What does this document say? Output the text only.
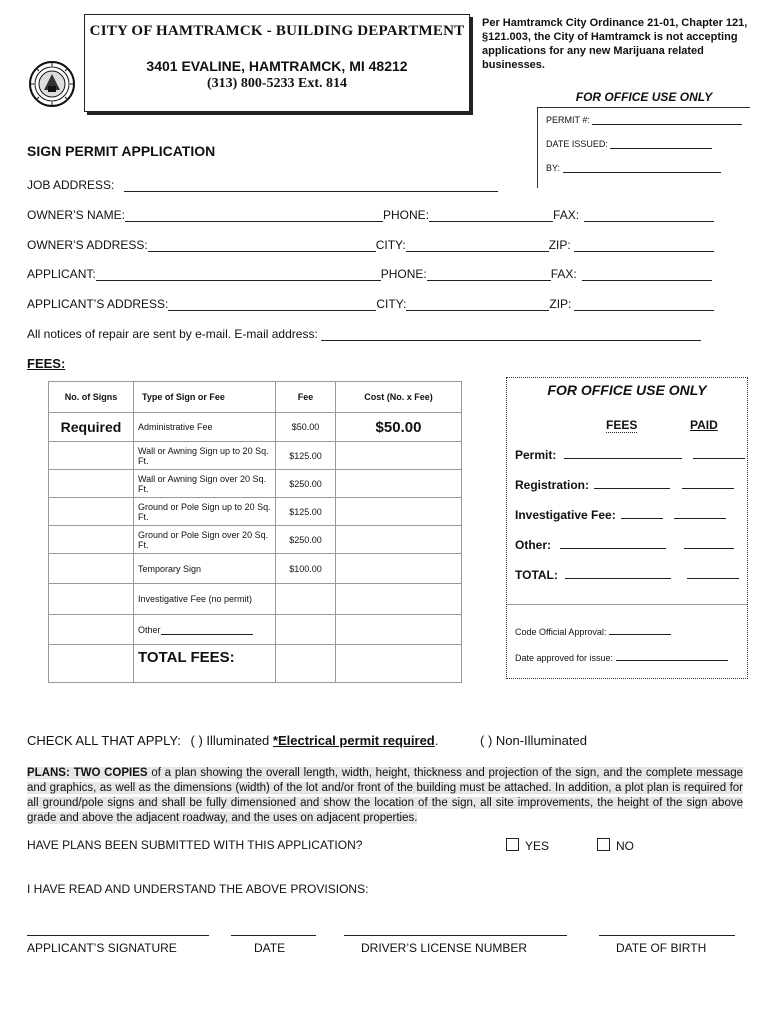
CITY OF HAMTRAMCK - BUILDING DEPARTMENT
3401 EVALINE, HAMTRAMCK, MI 48212
(313) 800-5233 Ext. 814
Per Hamtramck City Ordinance 21-01, Chapter 121, §121.003, the City of Hamtramck is not accepting applications for any new Marijuana related businesses.
FOR OFFICE USE ONLY
PERMIT #:
DATE ISSUED:
BY:
SIGN PERMIT APPLICATION
JOB ADDRESS:
OWNER’S NAME:	PHONE:	FAX:
OWNER’S ADDRESS:	CITY:	ZIP:
APPLICANT:	PHONE:	FAX:
APPLICANT’S ADDRESS:	CITY:	ZIP:
All notices of repair are sent by e-mail. E-mail address:
FEES:
No. of Signs	Type of Sign or Fee	Fee	Cost (No. x Fee)
Required	Administrative Fee	$50.00	$50.00
	Wall or Awning Sign up to 20 Sq. Ft.	$125.00	
	Wall or Awning Sign over 20 Sq. Ft.	$250.00	
	Ground or Pole Sign up to 20 Sq. Ft.	$125.00	
	Ground or Pole Sign over 20 Sq. Ft.	$250.00	
	Temporary Sign	$100.00	
	Investigative Fee (no permit)		
	Other		
	TOTAL FEES:		
FOR OFFICE USE ONLY
FEES	PAID
Permit:
Registration:
Investigative Fee:
Other:
TOTAL:
Code Official Approval:
Date approved for issue:
CHECK ALL THAT APPLY: ( ) Illuminated *Electrical permit required.	( ) Non-Illuminated
PLANS: TWO COPIES of a plan showing the overall length, width, height, thickness and projection of the sign, and the complete message and graphics, as well as the dimensions (width) of the lot and/or front of the building must be attached. In addition, a plot plan is required for all ground/pole signs and shall be fully dimensioned and show the location of the sign, all site improvements, the height of the sign above grade and above the adjacent roadway, and the uses on adjacent properties.
HAVE PLANS BEEN SUBMITTED WITH THIS APPLICATION?	YES	NO
I HAVE READ AND UNDERSTAND THE ABOVE PROVISIONS:
APPLICANT’S SIGNATURE	DATE	DRIVER’S LICENSE NUMBER	DATE OF BIRTH
